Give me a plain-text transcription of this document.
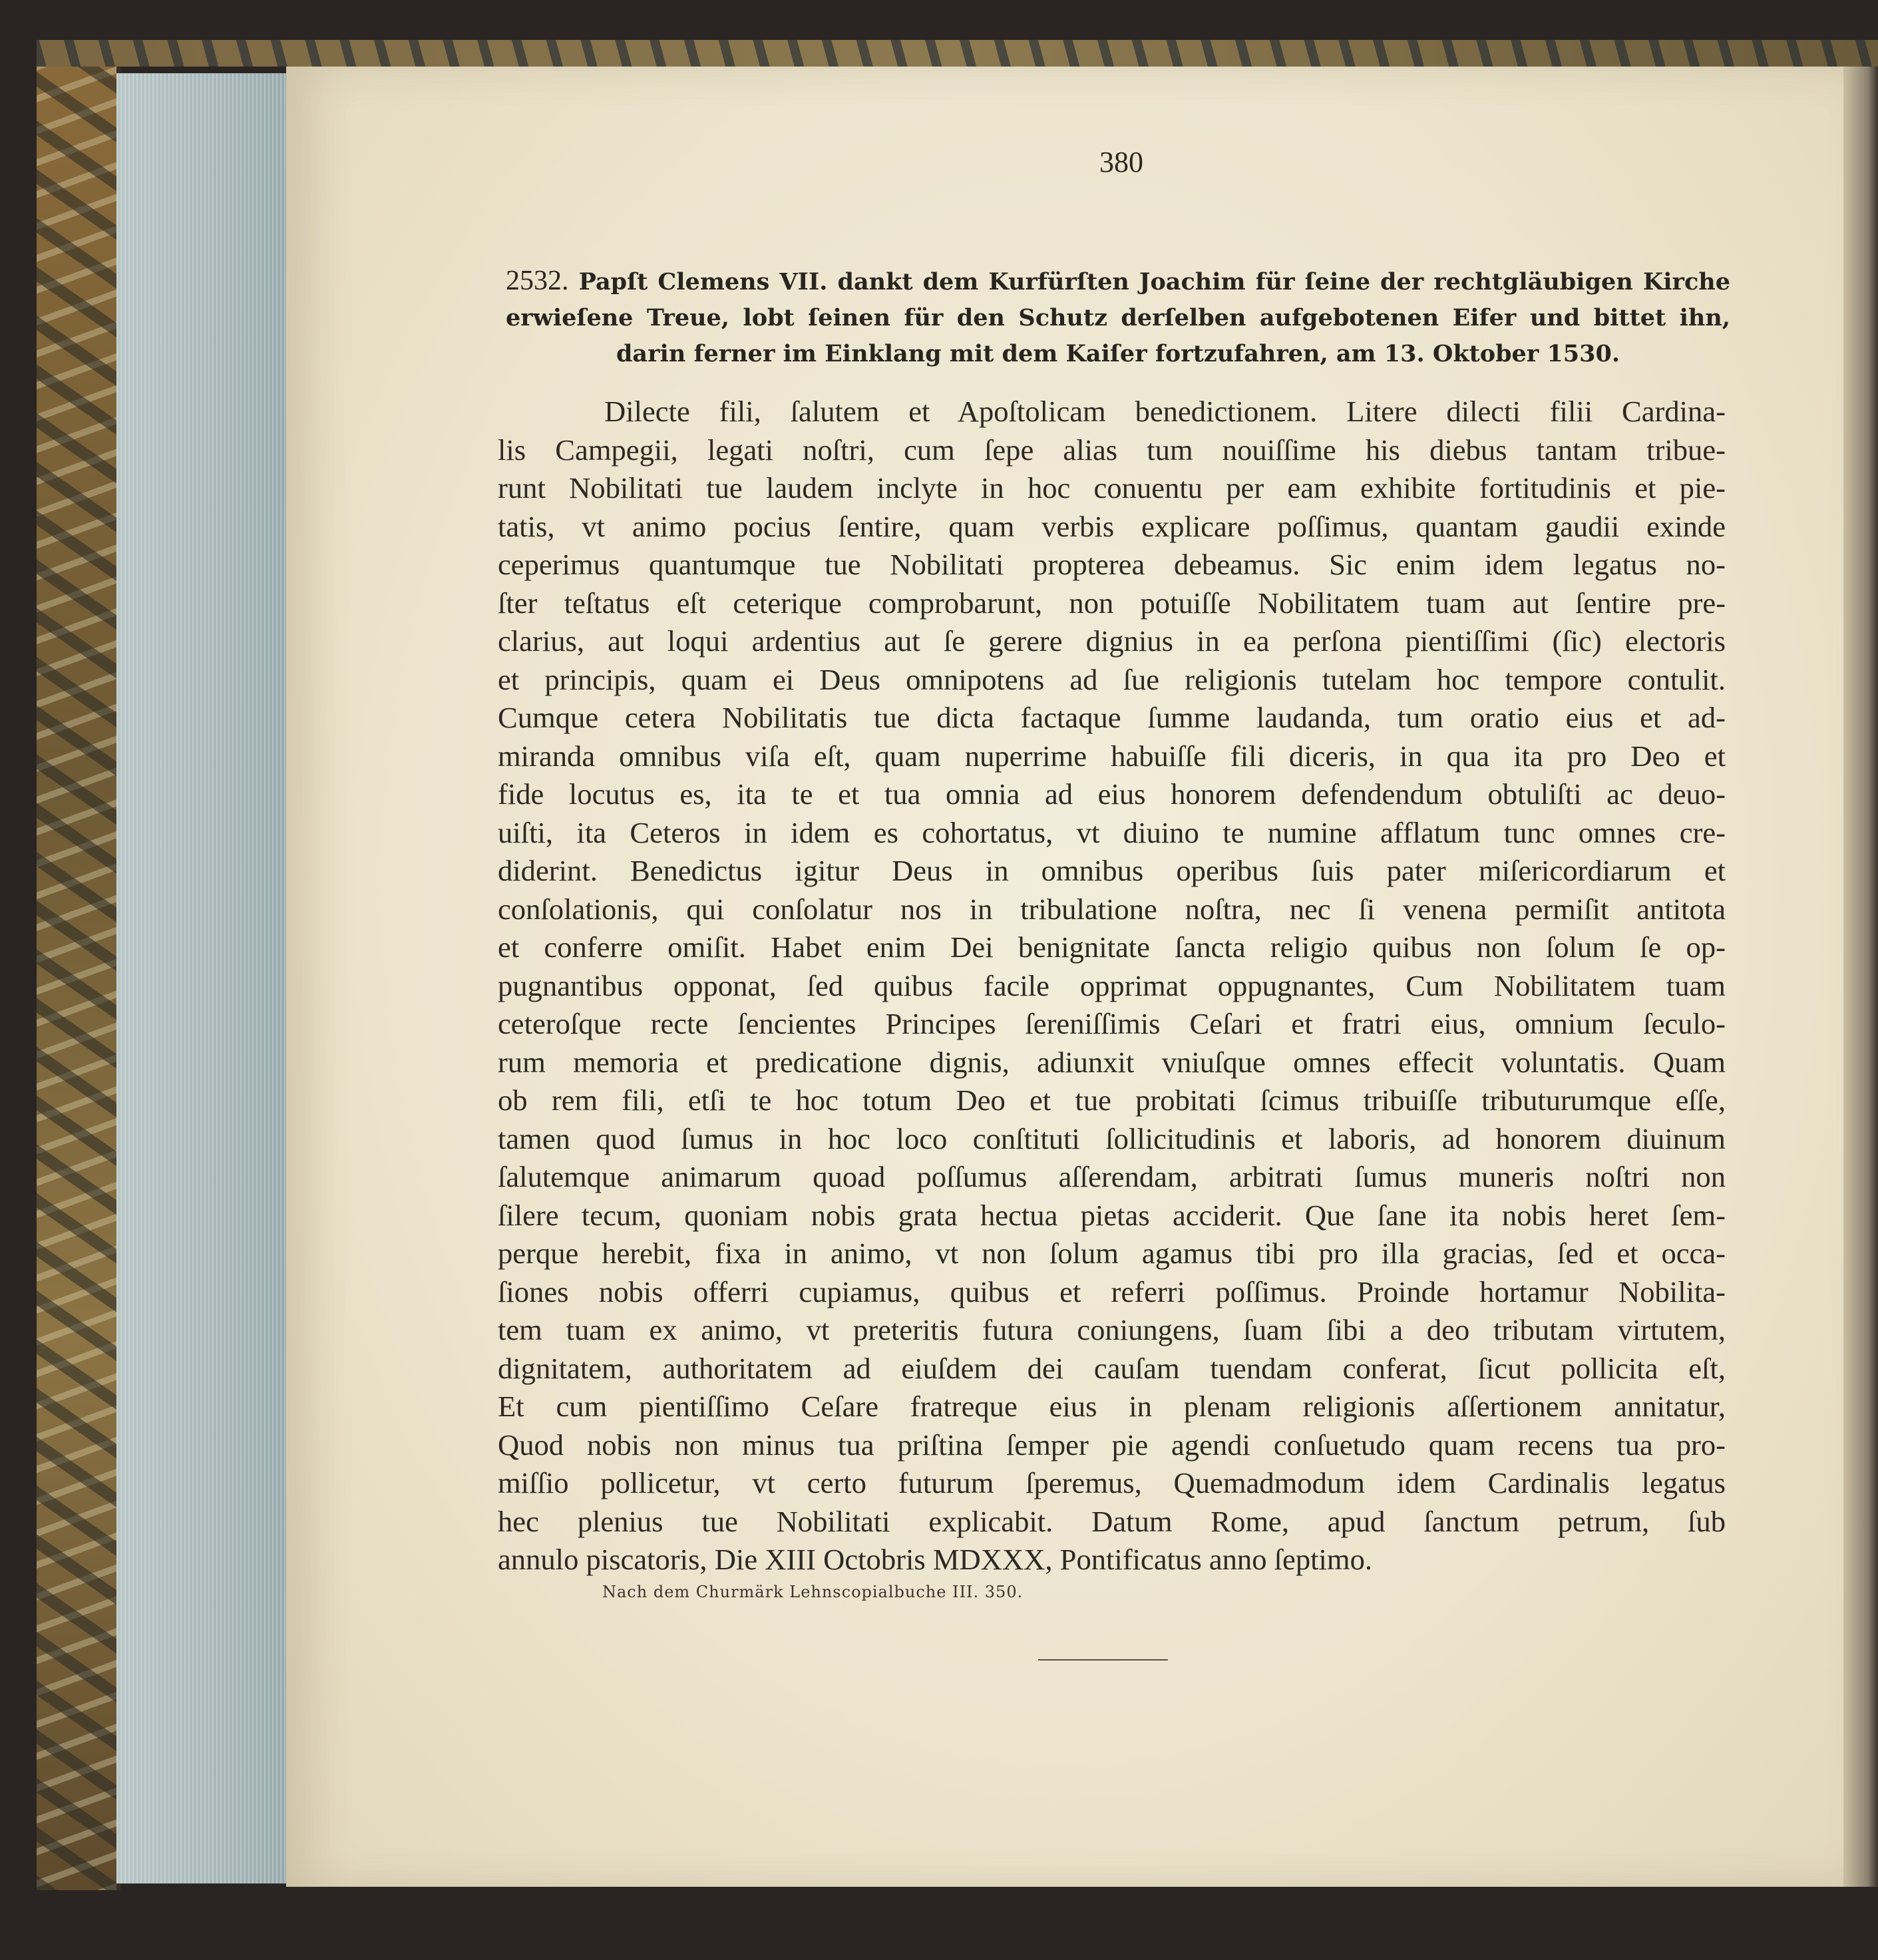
380
2532. Papſt Clemens VII. dankt dem Kurfürſten Joachim für ſeine der rechtgläubigen Kirche erwieſene Treue, lobt ſeinen für den Schutz derſelben aufgebotenen Eifer und bittet ihn, darin ferner im Einklang mit dem Kaiſer fortzufahren, am 13. Oktober 1530.
Dilecte fili, ſalutem et Apoſtolicam benedictionem. Litere dilecti filii Cardina-
lis Campegii, legati noſtri, cum ſepe alias tum nouiſſime his diebus tantam tribue-
runt Nobilitati tue laudem inclyte in hoc conuentu per eam exhibite fortitudinis et pie-
tatis, vt animo pocius ſentire, quam verbis explicare poſſimus, quantam gaudii exinde
ceperimus quantumque tue Nobilitati propterea debeamus. Sic enim idem legatus no-
ſter teſtatus eſt ceterique comprobarunt, non potuiſſe Nobilitatem tuam aut ſentire pre-
clarius, aut loqui ardentius aut ſe gerere dignius in ea perſona pientiſſimi (ſic) electoris
et principis, quam ei Deus omnipotens ad ſue religionis tutelam hoc tempore contulit.
Cumque cetera Nobilitatis tue dicta factaque ſumme laudanda, tum oratio eius et ad-
miranda omnibus viſa eſt, quam nuperrime habuiſſe fili diceris, in qua ita pro Deo et
fide locutus es, ita te et tua omnia ad eius honorem defendendum obtuliſti ac deuo-
uiſti, ita Ceteros in idem es cohortatus, vt diuino te numine afflatum tunc omnes cre-
diderint. Benedictus igitur Deus in omnibus operibus ſuis pater miſericordiarum et
conſolationis, qui conſolatur nos in tribulatione noſtra, nec ſi venena permiſit antitota
et conferre omiſit. Habet enim Dei benignitate ſancta religio quibus non ſolum ſe op-
pugnantibus opponat, ſed quibus facile opprimat oppugnantes, Cum Nobilitatem tuam
ceteroſque recte ſencientes Principes ſereniſſimis Ceſari et fratri eius, omnium ſeculo-
rum memoria et predicatione dignis, adiunxit vniuſque omnes effecit voluntatis. Quam
ob rem fili, etſi te hoc totum Deo et tue probitati ſcimus tribuiſſe tributurumque eſſe,
tamen quod ſumus in hoc loco conſtituti ſollicitudinis et laboris, ad honorem diuinum
ſalutemque animarum quoad poſſumus aſſerendam, arbitrati ſumus muneris noſtri non
ſilere tecum, quoniam nobis grata hectua pietas acciderit. Que ſane ita nobis heret ſem-
perque herebit, fixa in animo, vt non ſolum agamus tibi pro illa gracias, ſed et occa-
ſiones nobis offerri cupiamus, quibus et referri poſſimus. Proinde hortamur Nobilita-
tem tuam ex animo, vt preteritis futura coniungens, ſuam ſibi a deo tributam virtutem,
dignitatem, authoritatem ad eiuſdem dei cauſam tuendam conferat, ſicut pollicita eſt,
Et cum pientiſſimo Ceſare fratreque eius in plenam religionis aſſertionem annitatur,
Quod nobis non minus tua priſtina ſemper pie agendi conſuetudo quam recens tua pro-
miſſio pollicetur, vt certo futurum ſperemus, Quemadmodum idem Cardinalis legatus
hec plenius tue Nobilitati explicabit. Datum Rome, apud ſanctum petrum, ſub
annulo piscatoris, Die XIII Octobris MDXXX, Pontificatus anno ſeptimo.
Nach dem Churmärk Lehnscopialbuche III. 350.
